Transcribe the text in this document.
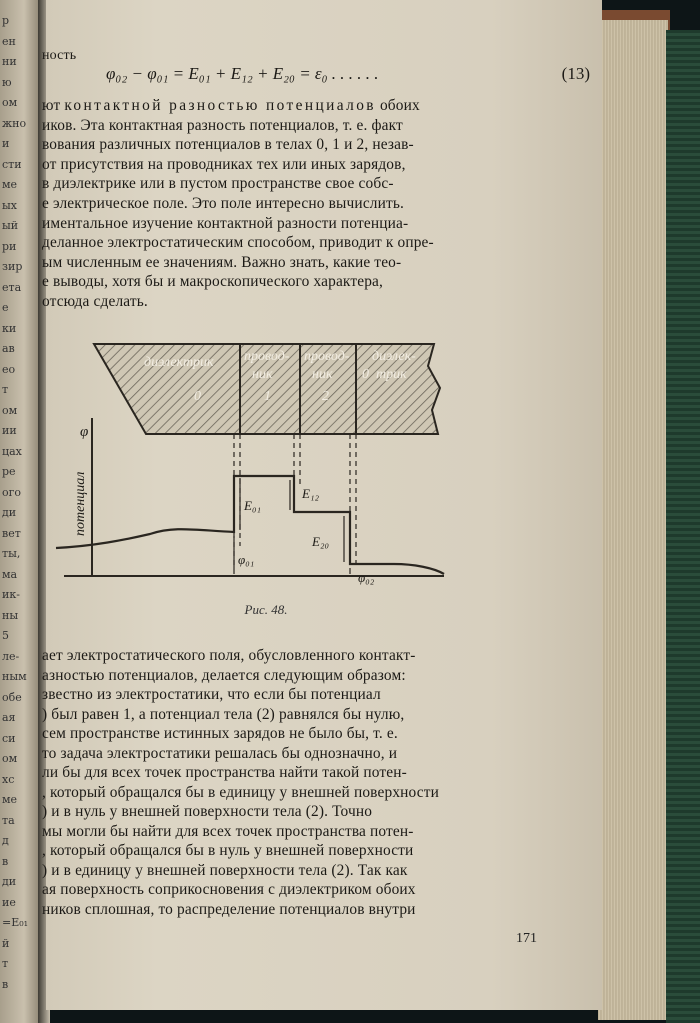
р
ен
ни
ю
ом
жно
и
сти
ме
ых
ый
ри
зир
ета
е
ки
ав
ео
т
ом
ии
цах
ре
ого
ди
вет
ты,
ма
ик-
ны
5
ле-
ным
обе
ая
си
ом
хс
ме
та
д
в
ди
ие
=E₀₁
й
т
в
ность
φ₀₂ − φ₀₁ = E₀₁ + E₁₂ + E₂₀ = ε₀ . . . . . .	(13)
ют контактной разностью потенциалов обоих
иков. Эта контактная разность потенциалов, т. е. факт
вования различных потенциалов в телах 0, 1 и 2, незав-
от присутствия на проводниках тех или иных зарядов,
в диэлектрике или в пустом пространстве свое собс-
е электрическое поле. Это поле интересно вычислить.
иментальное изучение контактной разности потенциа-
деланное электростатическим способом, приводит к опре-
ым численным ее значениям. Важно знать, какие тео-
е выводы, хотя бы и макроскопического характера,
отсюда сделать.
диэлектрик
0
провод-
ник
1
провод-
ник
2
диэлек-
0 трик
φ
потенциал	E₀₁
E₁₂
E₂₀
φ₀₁
φ₀₂
Рис. 48.
ает электростатического поля, обусловленного контакт-
азностью потенциалов, делается следующим образом:
звестно из электростатики, что если бы потенциал
) был равен 1, а потенциал тела (2) равнялся бы нулю,
сем пространстве истинных зарядов не было бы, т. е.
то задача электростатики решалась бы однозначно, и
ли бы для всех точек пространства найти такой потен-
, который обращался бы в единицу у внешней поверхности
) и в нуль у внешней поверхности тела (2). Точно
мы могли бы найти для всех точек пространства потен-
, который обращался бы в нуль у внешней поверхности
) и в единицу у внешней поверхности тела (2). Так как
ая поверхность соприкосновения с диэлектриком обоих
ников сплошная, то распределение потенциалов внутри
171
